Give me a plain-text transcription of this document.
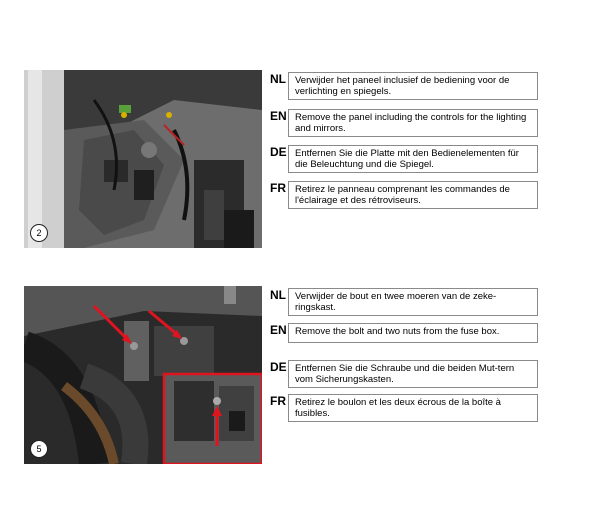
2
NL Verwijder het paneel inclusief de bediening voor de verlichting en spiegels.
EN Remove the panel including the controls for the lighting and mirrors.
DE Entfernen Sie die Platte mit den Bedienelementen für die Beleuchtung und die Spiegel.
FR Retirez le panneau comprenant les commandes de l'éclairage et des rétroviseurs.
5
NL Verwijder de bout en twee moeren van de zeke-ringskast.
EN Remove the bolt and two nuts from the fuse box.
DE Entfernen Sie die Schraube und die beiden Mut-tern vom Sicherungskasten.
FR Retirez le boulon et les deux écrous de la boîte à fusibles.
